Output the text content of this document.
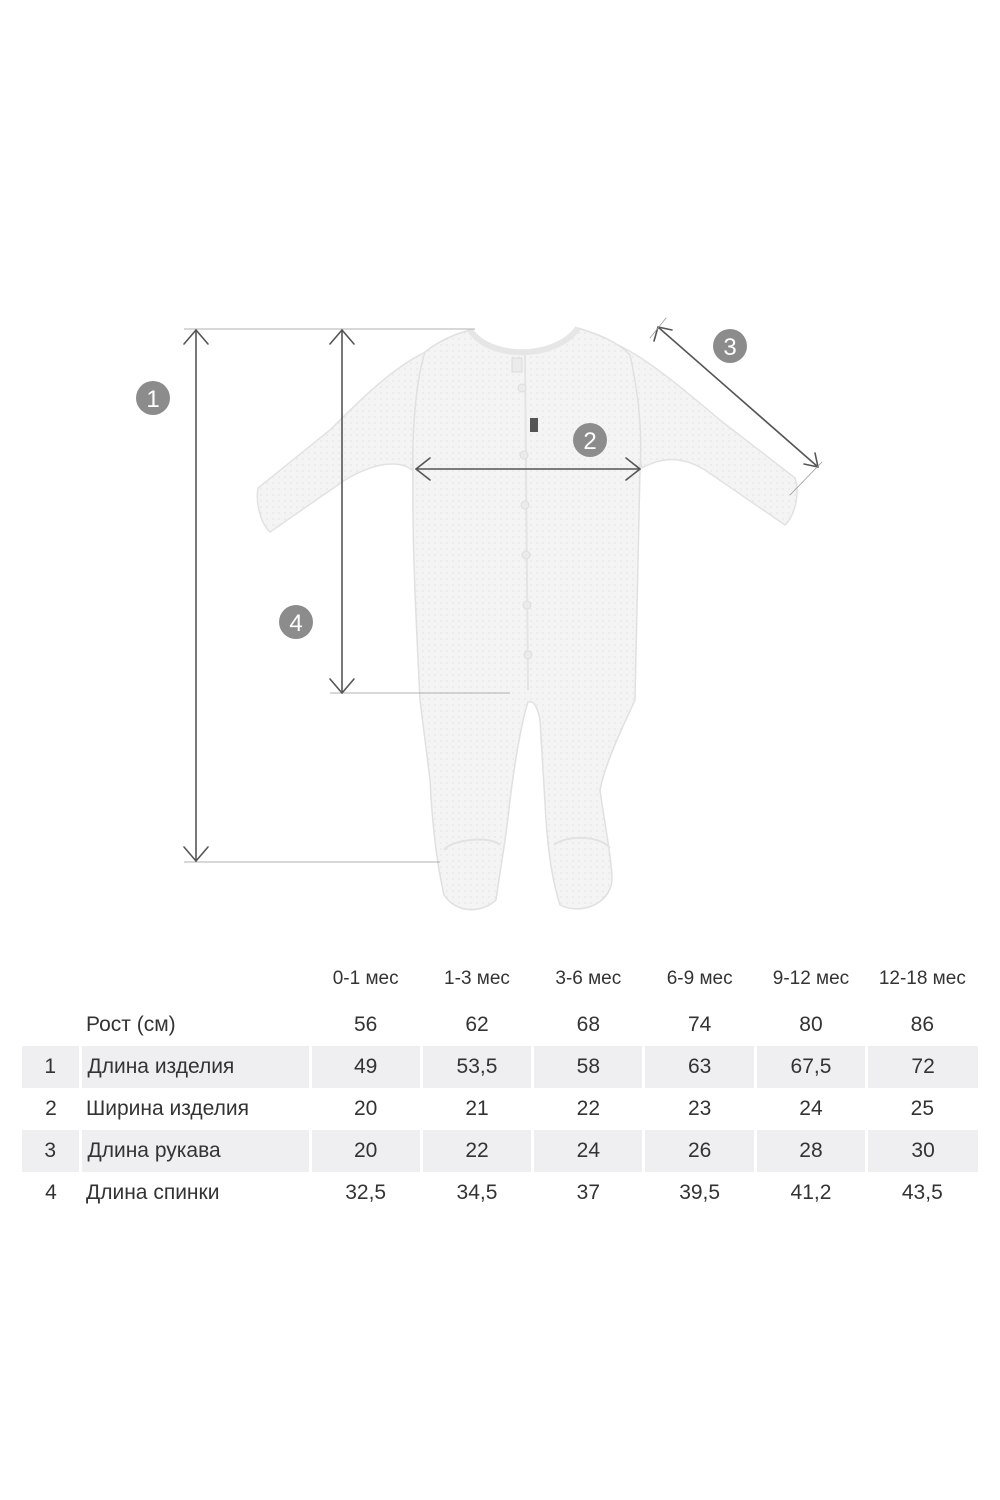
1
2
3
4
		0-1 мес	1-3 мес	3-6 мес	6-9 мес	9-12 мес	12-18 мес
	Рост (см)	56	62	68	74	80	86
1	Длина изделия	49	53,5	58	63	67,5	72
2	Ширина изделия	20	21	22	23	24	25
3	Длина рукава	20	22	24	26	28	30
4	Длина спинки	32,5	34,5	37	39,5	41,2	43,5
